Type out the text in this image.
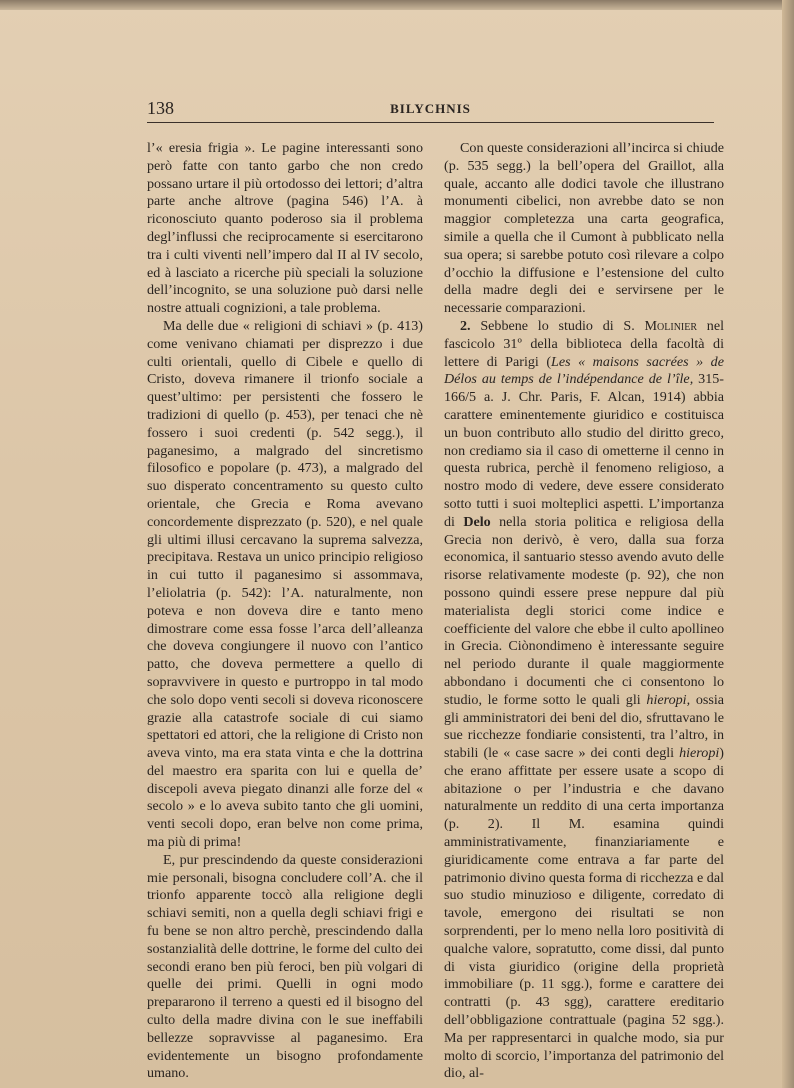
138	BILYCHNIS

l’« eresia frigia ». Le pagine interessanti sono però fatte con tanto garbo che non credo possano urtare il più ortodosso dei lettori; d’altra parte anche altrove (pagina 546) l’A. à riconosciuto quanto poderoso sia il problema degl’influssi che reciprocamente si esercitarono tra i culti viventi nell’impero dal II al IV secolo, ed à lasciato a ricerche più speciali la soluzione dell’incognito, se una soluzione può darsi nelle nostre attuali cognizioni, a tale problema.

Ma delle due « religioni di schiavi » (p. 413) come venivano chiamati per disprezzo i due culti orientali, quello di Cibele e quello di Cristo, doveva rimanere il trionfo sociale a quest’ultimo: per persistenti che fossero le tradizioni di quello (p. 453), per tenaci che nè fossero i suoi credenti (p. 542 segg.), il paganesimo, a malgrado del sincretismo filosofico e popolare (p. 473), a malgrado del suo disperato concentramento su questo culto orientale, che Grecia e Roma avevano concordemente disprezzato (p. 520), e nel quale gli ultimi illusi cercavano la suprema salvezza, precipitava. Restava un unico principio religioso in cui tutto il paganesimo si assommava, l’eliolatria (p. 542): l’A. naturalmente, non poteva e non doveva dire e tanto meno dimostrare come essa fosse l’arca dell’alleanza che doveva congiungere il nuovo con l’antico patto, che doveva permettere a quello di sopravvivere in questo e purtroppo in tal modo che solo dopo venti secoli si doveva riconoscere grazie alla catastrofe sociale di cui siamo spettatori ed attori, che la religione di Cristo non aveva vinto, ma era stata vinta e che la dottrina del maestro era sparita con lui e quella de’ discepoli aveva piegato dinanzi alle forze del « secolo » e lo aveva subito tanto che gli uomini, venti secoli dopo, eran belve non come prima, ma più di prima!

E, pur prescindendo da queste considerazioni mie personali, bisogna concludere coll’A. che il trionfo apparente toccò alla religione degli schiavi semiti, non a quella degli schiavi frigi e fu bene se non altro perchè, prescindendo dalla sostanzialità delle dottrine, le forme del culto dei secondi erano ben più feroci, ben più volgari di quelle dei primi. Quelli in ogni modo prepararono il terreno a questi ed il bisogno del culto della madre divina con le sue ineffabili bellezze sopravvisse al paganesimo. Era evidentemente un bisogno profondamente umano.

Con queste considerazioni all’incirca si chiude (p. 535 segg.) la bell’opera del Graillot, alla quale, accanto alle dodici tavole che illustrano monumenti cibelici, non avrebbe dato se non maggior completezza una carta geografica, simile a quella che il Cumont à pubblicato nella sua opera; si sarebbe potuto così rilevare a colpo d’occhio la diffusione e l’estensione del culto della madre degli dei e servirsene per le necessarie comparazioni.

2. Sebbene lo studio di S. Molinier nel fascicolo 31º della biblioteca della facoltà di lettere di Parigi (Les « maisons sacrées » de Délos au temps de l’indépendance de l’île, 315-166/5 a. J. Chr. Paris, F. Alcan, 1914) abbia carattere eminentemente giuridico e costituisca un buon contributo allo studio del diritto greco, non crediamo sia il caso di ometterne il cenno in questa rubrica, perchè il fenomeno religioso, a nostro modo di vedere, deve essere considerato sotto tutti i suoi molteplici aspetti. L’importanza di Delo nella storia politica e religiosa della Grecia non derivò, è vero, dalla sua forza economica, il santuario stesso avendo avuto delle risorse relativamente modeste (p. 92), che non possono quindi essere prese neppure dal più materialista degli storici come indice e coefficiente del valore che ebbe il culto apollineo in Grecia. Ciònondimeno è interessante seguire nel periodo durante il quale maggiormente abbondano i documenti che ci consentono lo studio, le forme sotto le quali gli hieropi, ossia gli amministratori dei beni del dio, sfruttavano le sue ricchezze fondiarie consistenti, tra l’altro, in stabili (le « case sacre » dei conti degli hieropi) che erano affittate per essere usate a scopo di abitazione o per l’industria e che davano naturalmente un reddito di una certa importanza (p. 2). Il M. esamina quindi amministrativamente, finanziariamente e giuridicamente come entrava a far parte del patrimonio divino questa forma di ricchezza e dal suo studio minuzioso e diligente, corredato di tavole, emergono dei risultati se non sorprendenti, per lo meno nella loro positività di qualche valore, sopratutto, come dissi, dal punto di vista giuridico (origine della proprietà immobiliare (p. 11 sgg.), forme e carattere dei contratti (p. 43 sgg), carattere ereditario dell’obbligazione contrattuale (pagina 52 sgg.). Ma per rappresentarci in qualche modo, sia pur molto di scorcio, l’importanza del patrimonio del dio, al-
